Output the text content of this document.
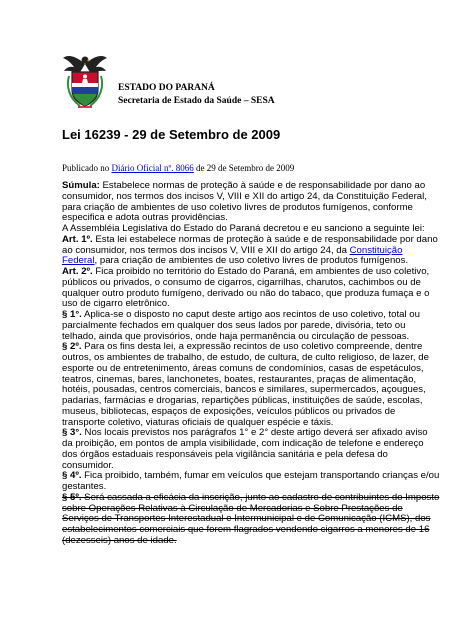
ESTADO DO PARANÁ
Secretaria de Estado da Saúde – SESA
Lei 16239 - 29 de Setembro de 2009
Publicado no Diário Oficial nº. 8066 de 29 de Setembro de 2009

Súmula: Estabelece normas de proteção à saúde e de responsabilidade por dano ao consumidor, nos termos dos incisos V, VIII e XII do artigo 24, da Constituição Federal, para criação de ambientes de uso coletivo livres de produtos fumígenos, conforme especifica e adota outras providências.

A Assembléia Legislativa do Estado do Paraná decretou e eu sanciono a seguinte lei:

Art. 1º. Esta lei estabelece normas de proteção à saúde e de responsabilidade por dano ao consumidor, nos termos dos incisos V, VIII e XII do artigo 24, da Constituição Federal, para criação de ambientes de uso coletivo livres de produtos fumígenos.

Art. 2º. Fica proibido no território do Estado do Paraná, em ambientes de uso coletivo, públicos ou privados, o consumo de cigarros, cigarrilhas, charutos, cachimbos ou de qualquer outro produto fumígeno, derivado ou não do tabaco, que produza fumaça e o uso de cigarro eletrônico.

§ 1°. Aplica-se o disposto no caput deste artigo aos recintos de uso coletivo, total ou parcialmente fechados em qualquer dos seus lados por parede, divisória, teto ou telhado, ainda que provisórios, onde haja permanência ou circulação de pessoas.

§ 2º. Para os fins desta lei, a expressão recintos de uso coletivo compreende, dentre outros, os ambientes de trabalho, de estudo, de cultura, de culto religioso, de lazer, de esporte ou de entretenimento, áreas comuns de condomínios, casas de espetáculos, teatros, cinemas, bares, lanchonetes, boates, restaurantes, praças de alimentação, hotéis, pousadas, centros comerciais, bancos e similares, supermercados, açougues, padarias, farmácias e drogarias, repartições públicas, instituições de saúde, escolas, museus, bibliotecas, espaços de exposições, veículos públicos ou privados de transporte coletivo, viaturas oficiais de qualquer espécie e táxis.

§ 3°. Nos locais previstos nos parágrafos 1° e 2° deste artigo deverá ser afixado aviso da proibição, em pontos de ampla visibilidade, com indicação de telefone e endereço dos órgãos estaduais responsáveis pela vigilância sanitária e pela defesa do consumidor.

§ 4º. Fica proibido, também, fumar em veículos que estejam transportando crianças e/ou gestantes.

§ 5º. Será cassada a eficácia da inscrição, junto ao cadastro de contribuintes do Imposto sobre Operações Relativas à Circulação de Mercadorias e Sobre Prestações de Serviços de Transportes Interestadual e Intermunicipal e de Comunicação (ICMS), dos estabelecimentos comerciais que forem flagrados vendendo cigarros a menores de 16 (dezesseis) anos de idade.
